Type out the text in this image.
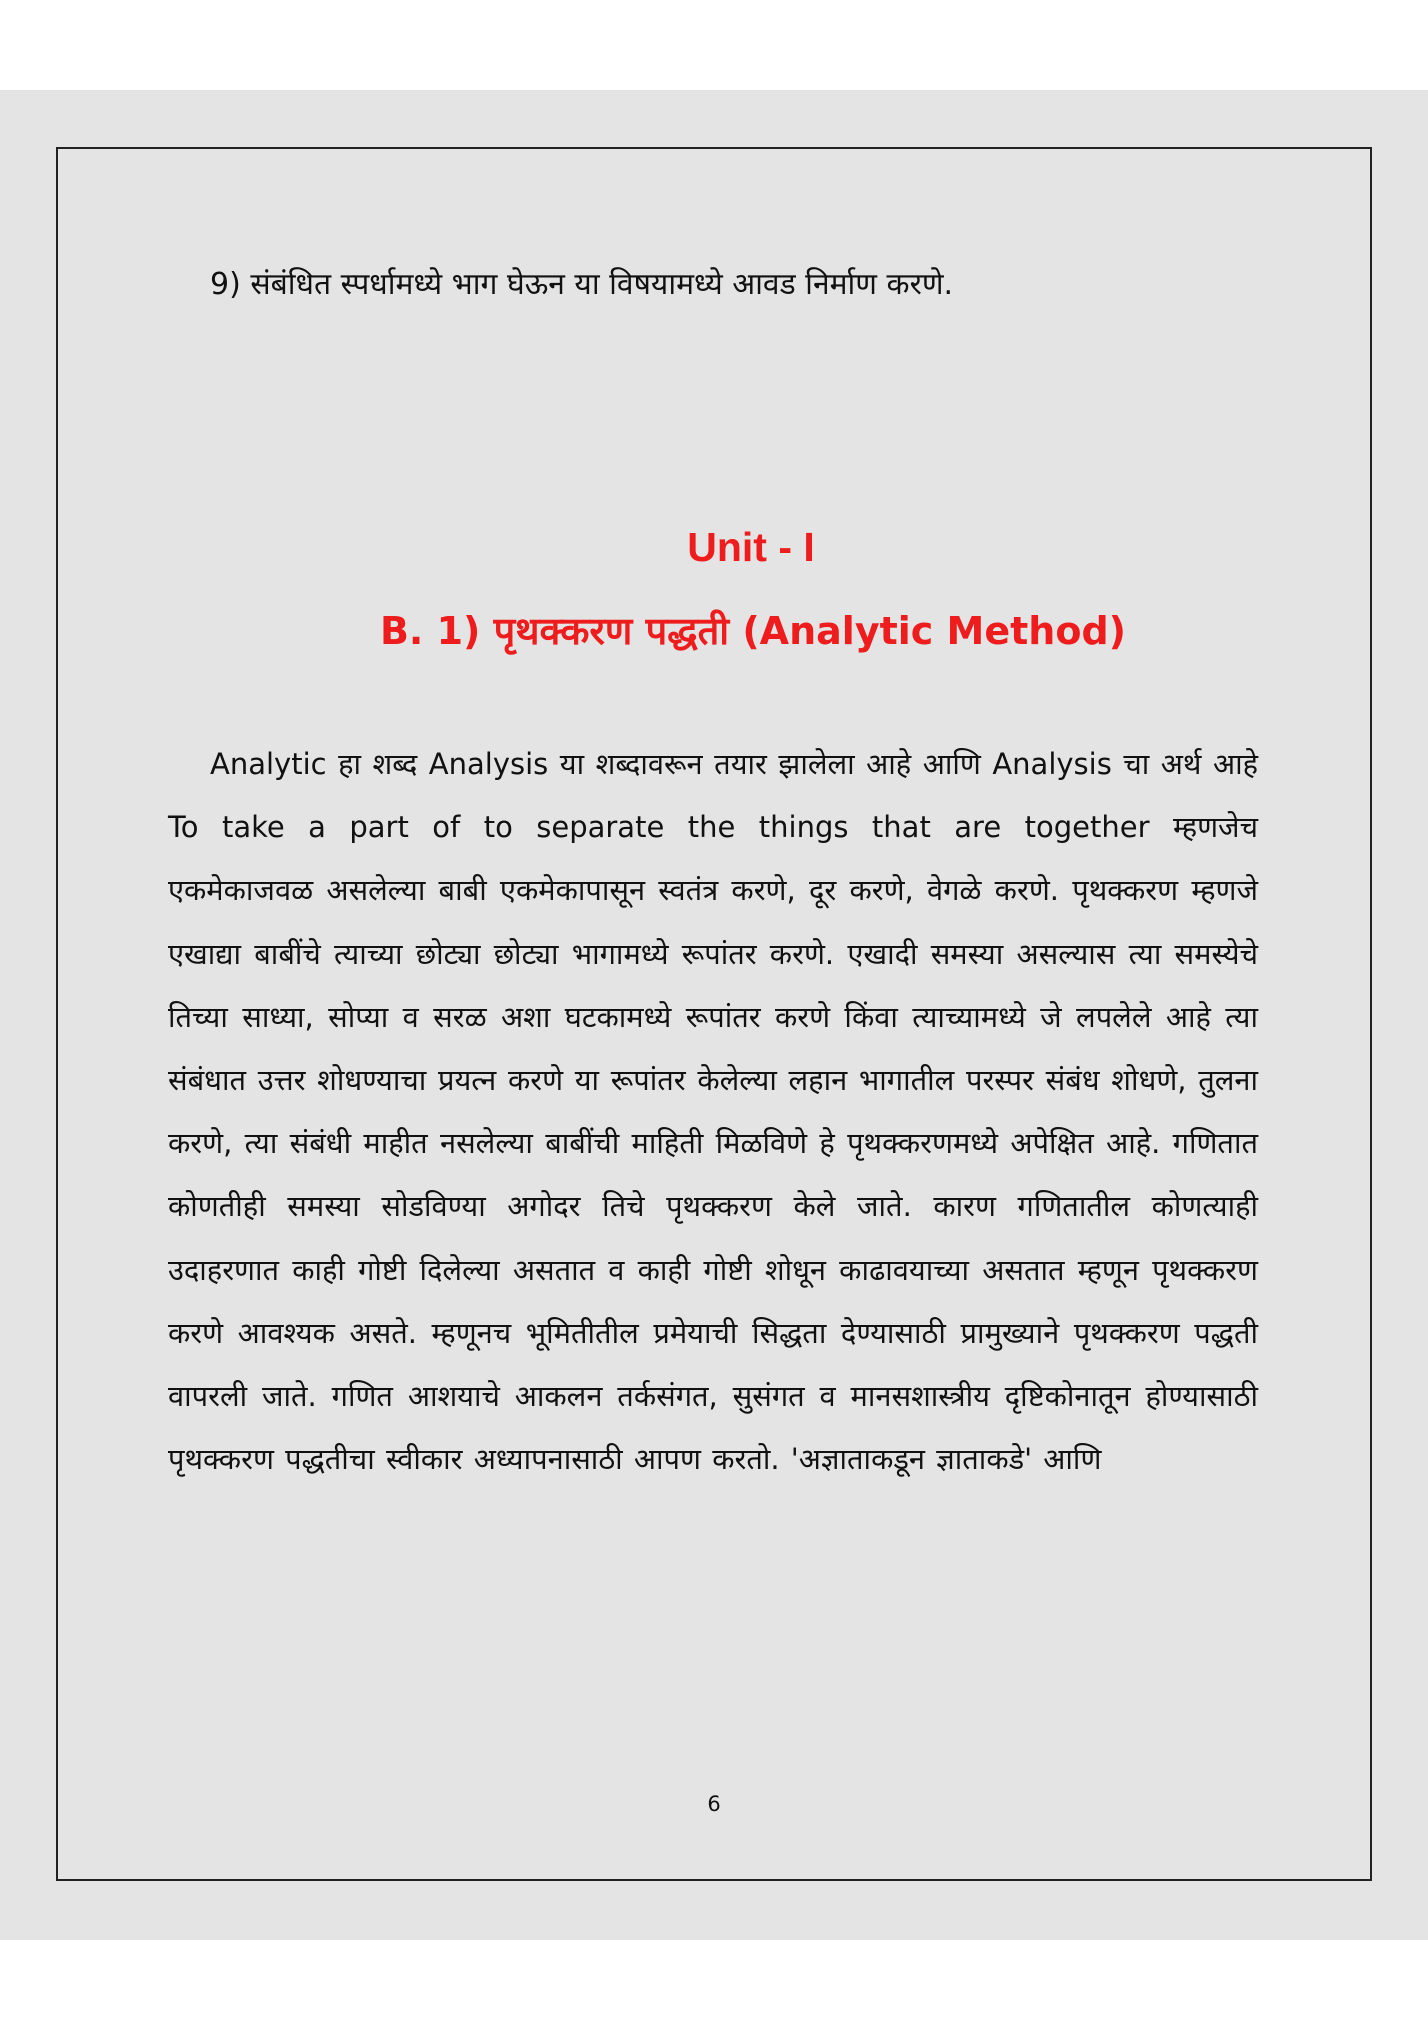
9) संबंधित स्पर्धामध्ये भाग घेऊन या विषयामध्ये आवड निर्माण करणे.
Unit - I
B. 1) पृथक्करण पद्धती (Analytic Method)
Analytic हा शब्द Analysis या शब्दावरून तयार झालेला आहे आणि Analysis चा अर्थ आहे To take a part of to separate the things that are together म्हणजेच एकमेकाजवळ असलेल्या बाबी एकमेकापासून स्वतंत्र करणे, दूर करणे, वेगळे करणे. पृथक्करण म्हणजे एखाद्या बाबींचे त्याच्या छोट्या छोट्या भागामध्ये रूपांतर करणे. एखादी समस्या असल्यास त्या समस्येचे तिच्या साध्या, सोप्या व सरळ अशा घटकामध्ये रूपांतर करणे किंवा त्याच्यामध्ये जे लपलेले आहे त्या संबंधात उत्तर शोधण्याचा प्रयत्न करणे या रूपांतर केलेल्या लहान भागातील परस्पर संबंध शोधणे, तुलना करणे, त्या संबंधी माहीत नसलेल्या बाबींची माहिती मिळविणे हे पृथक्करणमध्ये अपेक्षित आहे. गणितात कोणतीही समस्या सोडविण्या अगोदर तिचे पृथक्करण केले जाते. कारण गणितातील कोणत्याही उदाहरणात काही गोष्टी दिलेल्या असतात व काही गोष्टी शोधून काढावयाच्या असतात म्हणून पृथक्करण करणे आवश्यक असते. म्हणूनच भूमितीतील प्रमेयाची सिद्धता देण्यासाठी प्रामुख्याने पृथक्करण पद्धती वापरली जाते. गणित आशयाचे आकलन तर्कसंगत, सुसंगत व मानसशास्त्रीय दृष्टिकोनातून होण्यासाठी पृथक्करण पद्धतीचा स्वीकार अध्यापनासाठी आपण करतो. 'अज्ञाताकडून ज्ञाताकडे' आणि
6
